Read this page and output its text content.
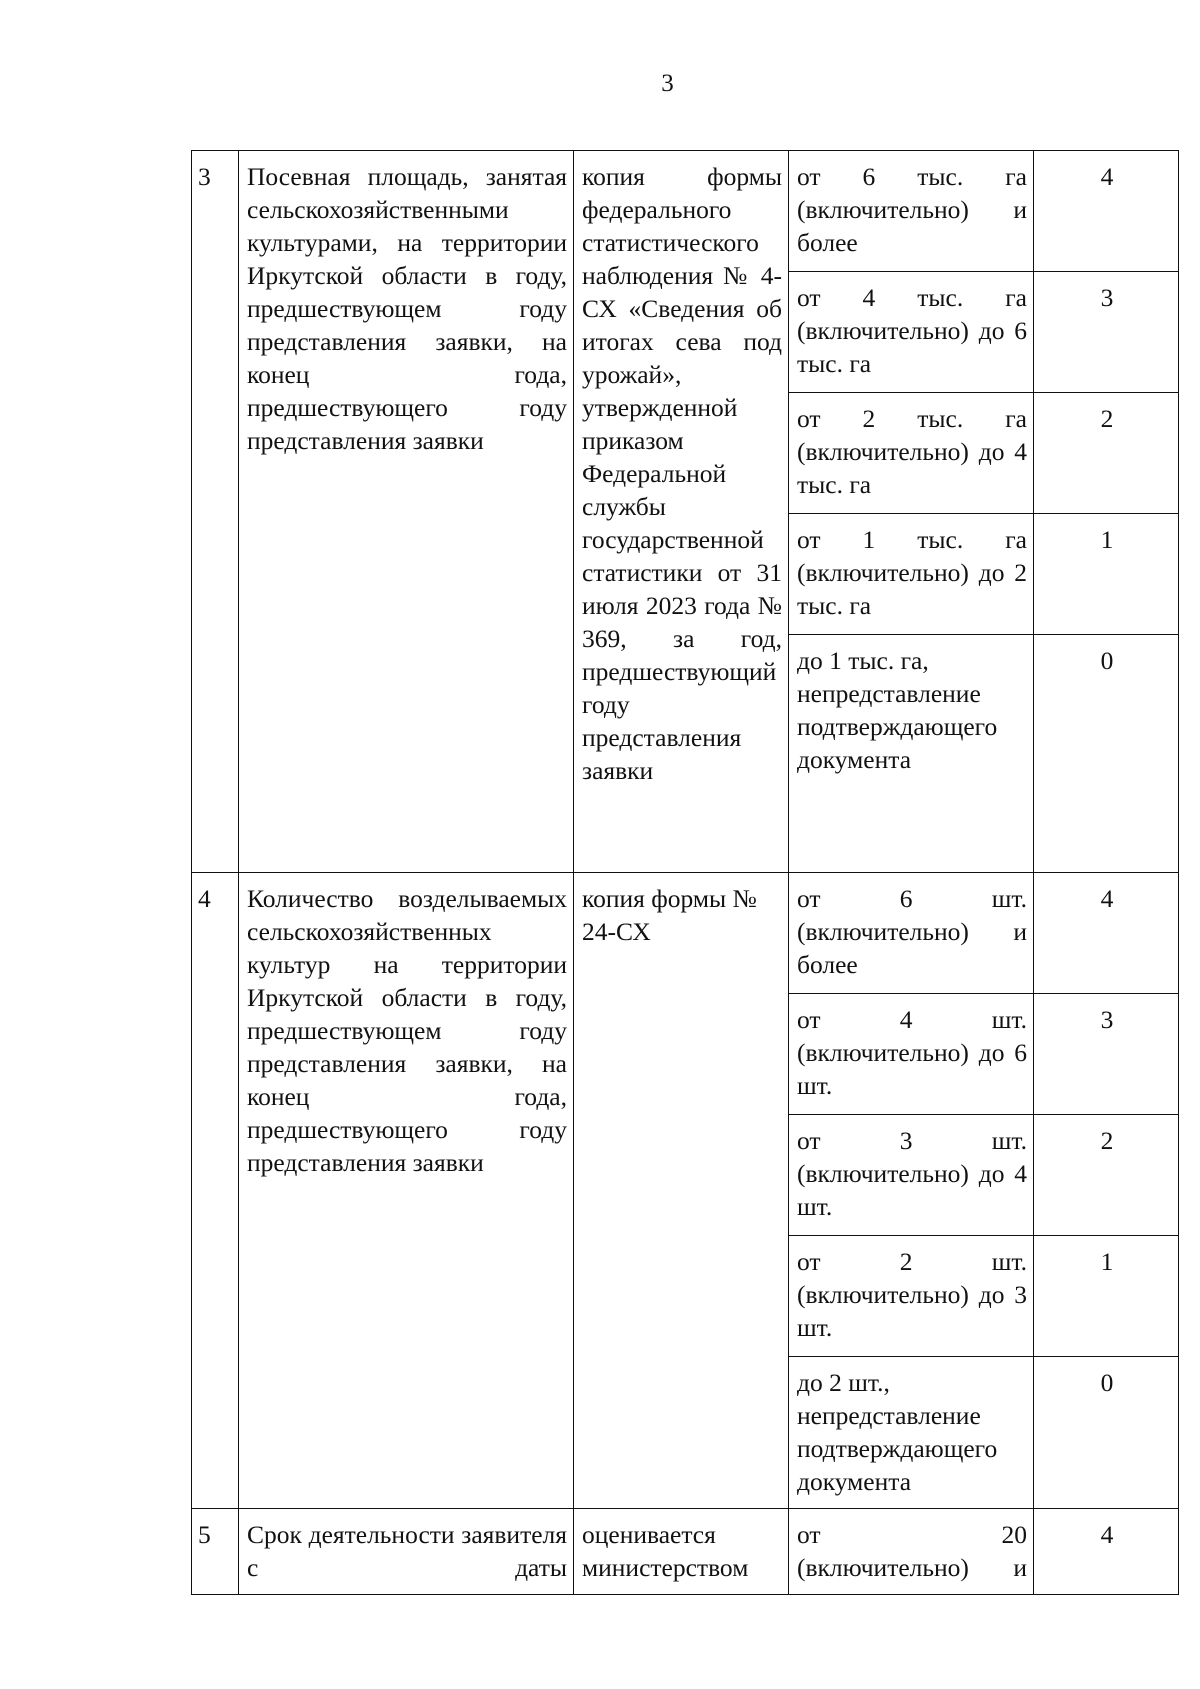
3
3	Посевная площадь, занятая сельскохозяйственными культурами, на территории Иркутской области в году, предшествующем году представления заявки, на конец года, предшествующего году представления заявки	копия формы федерального статистического наблюдения № 4-СХ «Сведения об итогах сева под урожай», утвержденной приказом Федеральной службы государственной статистики от 31 июля 2023 года № 369, за год, предшествующий году представления заявки	от 6 тыс. га (включительно) и более	4
			от 4 тыс. га (включительно) до 6 тыс. га	3
			от 2 тыс. га (включительно) до 4 тыс. га	2
			от 1 тыс. га (включительно) до 2 тыс. га	1
			до 1 тыс. га, непредставление подтверждающего документа	0
4	Количество возделываемых сельскохозяйственных культур на территории Иркутской области в году, предшествующем году представления заявки, на конец года, предшествующего году представления заявки	копия формы № 24-СХ	от 6 шт. (включительно) и более	4
			от 4 шт. (включительно) до 6 шт.	3
			от 3 шт. (включительно) до 4 шт.	2
			от 2 шт. (включительно) до 3 шт.	1
			до 2 шт., непредставление подтверждающего документа	0
5	Срок деятельности заявителя с даты	оценивается министерством	от 20 (включительно) и	4
